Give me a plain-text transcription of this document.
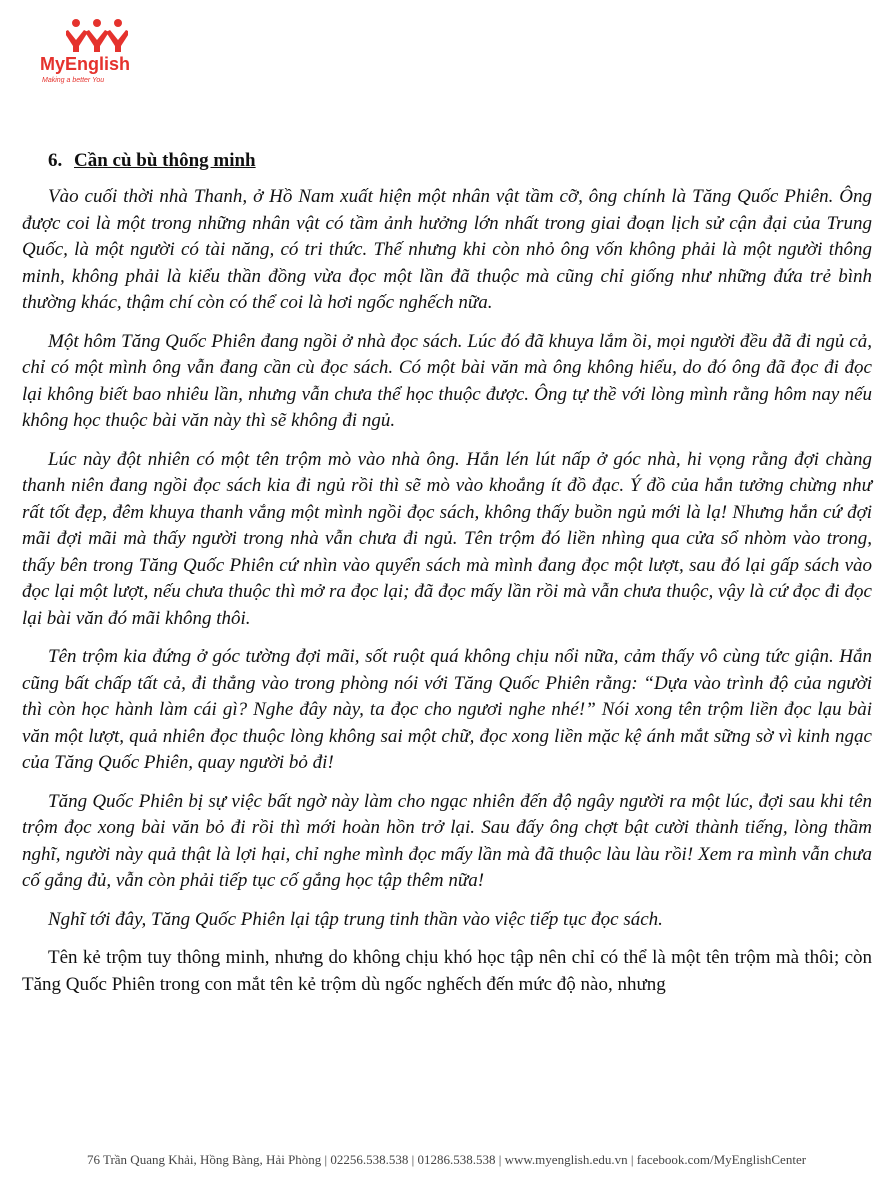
MyEnglish
Making a better You
6. Cần cù bù thông minh

Vào cuối thời nhà Thanh, ở Hồ Nam xuất hiện một nhân vật tầm cỡ, ông chính là Tăng Quốc Phiên. Ông được coi là một trong những nhân vật có tầm ảnh hưởng lớn nhất trong giai đoạn lịch sử cận đại của Trung Quốc, là một người có tài năng, có tri thức. Thế nhưng khi còn nhỏ ông vốn không phải là một người thông minh, không phải là kiểu thần đồng vừa đọc một lần đã thuộc mà cũng chỉ giống như những đứa trẻ bình thường khác, thậm chí còn có thể coi là hơi ngốc nghếch nữa.

Một hôm Tăng Quốc Phiên đang ngồi ở nhà đọc sách. Lúc đó đã khuya lắm ồi, mọi người đều đã đi ngủ cả, chỉ có một mình ông vẫn đang cần cù đọc sách. Có một bài văn mà ông không hiểu, do đó ông đã đọc đi đọc lại không biết bao nhiêu lần, nhưng vẫn chưa thể học thuộc được. Ông tự thề với lòng mình rằng hôm nay nếu không học thuộc bài văn này thì sẽ không đi ngủ.

Lúc này đột nhiên có một tên trộm mò vào nhà ông. Hắn lén lút nấp ở góc nhà, hi vọng rằng đợi chàng thanh niên đang ngồi đọc sách kia đi ngủ rồi thì sẽ mò vào khoắng ít đồ đạc. Ý đồ của hắn tưởng chừng như rất tốt đẹp, đêm khuya thanh vắng một mình ngồi đọc sách, không thấy buồn ngủ mới là lạ! Nhưng hắn cứ đợi mãi đợi mãi mà thấy người trong nhà vẫn chưa đi ngủ. Tên trộm đó liền nhìng qua cửa sổ nhòm vào trong, thấy bên trong Tăng Quốc Phiên cứ nhìn vào quyển sách mà mình đang đọc một lượt, sau đó lại gấp sách vào đọc lại một lượt, nếu chưa thuộc thì mở ra đọc lại; đã đọc mấy lần rồi mà vẫn chưa thuộc, vậy là cứ đọc đi đọc lại bài văn đó mãi không thôi.

Tên trộm kia đứng ở góc tường đợi mãi, sốt ruột quá không chịu nổi nữa, cảm thấy vô cùng tức giận. Hắn cũng bất chấp tất cả, đi thẳng vào trong phòng nói với Tăng Quốc Phiên rằng: “Dựa vào trình độ của người thì còn học hành làm cái gì? Nghe đây này, ta đọc cho ngươi nghe nhé!” Nói xong tên trộm liền đọc lạu bài văn một lượt, quả nhiên đọc thuộc lòng không sai một chữ, đọc xong liền mặc kệ ánh mắt sững sờ vì kinh ngạc của Tăng Quốc Phiên, quay người bỏ đi!

Tăng Quốc Phiên bị sự việc bất ngờ này làm cho ngạc nhiên đến độ ngây người ra một lúc, đợi sau khi tên trộm đọc xong bài văn bỏ đi rồi thì mới hoàn hồn trở lại. Sau đấy ông chợt bật cười thành tiếng, lòng thầm nghĩ, người này quả thật là lợi hại, chỉ nghe mình đọc mấy lần mà đã thuộc làu làu rồi! Xem ra mình vẫn chưa cố gắng đủ, vẫn còn phải tiếp tục cố gắng học tập thêm nữa!

Nghĩ tới đây, Tăng Quốc Phiên lại tập trung tinh thần vào việc tiếp tục đọc sách.

Tên kẻ trộm tuy thông minh, nhưng do không chịu khó học tập nên chỉ có thể là một tên trộm mà thôi; còn Tăng Quốc Phiên trong con mắt tên kẻ trộm dù ngốc nghếch đến mức độ nào, nhưng

76 Trần Quang Khải, Hồng Bàng, Hải Phòng | 02256.538.538 | 01286.538.538 | www.myenglish.edu.vn | facebook.com/MyEnglishCenter
